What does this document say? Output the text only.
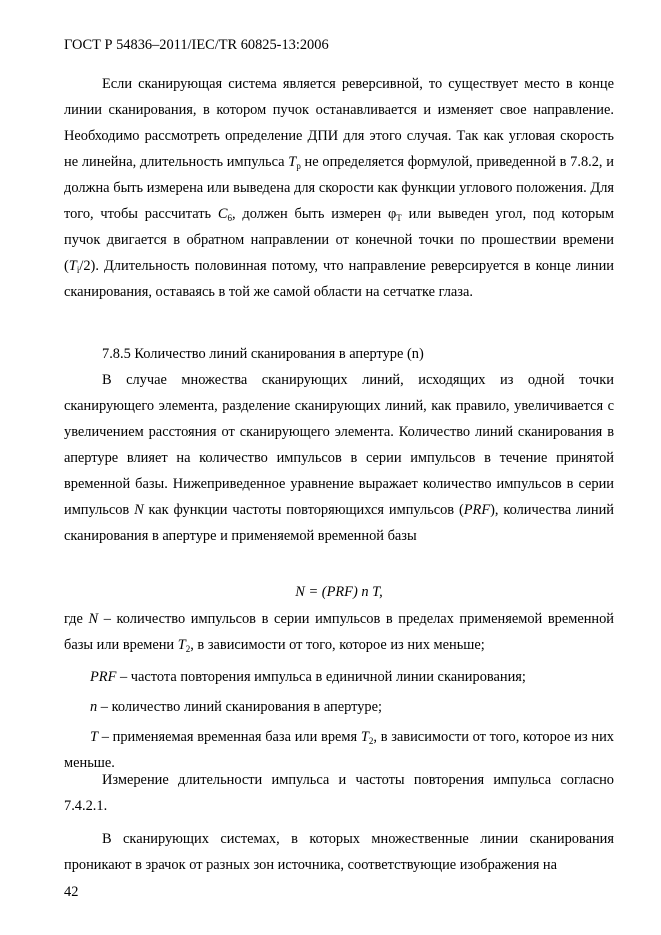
ГОСТ Р 54836–2011/IEC/TR 60825-13:2006

Если сканирующая система является реверсивной, то существует место в конце линии сканирования, в котором пучок останавливается и изменяет свое направление. Необходимо рассмотреть определение ДПИ для этого случая. Так как угловая скорость не линейна, длительность импульса $T_p$ не определяется формулой, приведенной в 7.8.2, и должна быть измерена или выведена для скорости как функции углового положения. Для того, чтобы рассчитать $C_6$, должен быть измерен $\varphi_T$ или выведен угол, под которым пучок двигается в обратном направлении от конечной точки по прошествии времени $(T_i/2)$. Длительность половинная потому, что направление реверсируется в конце линии сканирования, оставаясь в той же самой области на сетчатке глаза.

7.8.5 Количество линий сканирования в апертуре (n)

В случае множества сканирующих линий, исходящих из одной точки сканирующего элемента, разделение сканирующих линий, как правило, увеличивается с увеличением расстояния от сканирующего элемента. Количество линий сканирования в апертуре влияет на количество импульсов в серии импульсов в течение принятой временной базы. Нижеприведенное уравнение выражает количество импульсов в серии импульсов N как функции частоты повторяющихся импульсов (PRF), количества линий сканирования в апертуре и применяемой временной базы

N = (PRF) n T,

где N – количество импульсов в серии импульсов в пределах применяемой временной базы или времени $T_2$, в зависимости от того, которое из них меньше;

PRF – частота повторения импульса в единичной линии сканирования;

n – количество линий сканирования в апертуре;

T – применяемая временная база или время $T_2$, в зависимости от того, которое из них меньше.

Измерение длительности импульса и частоты повторения импульса согласно 7.4.2.1.

В сканирующих системах, в которых множественные линии сканирования проникают в зрачок от разных зон источника, соответствующие изображения на

42
